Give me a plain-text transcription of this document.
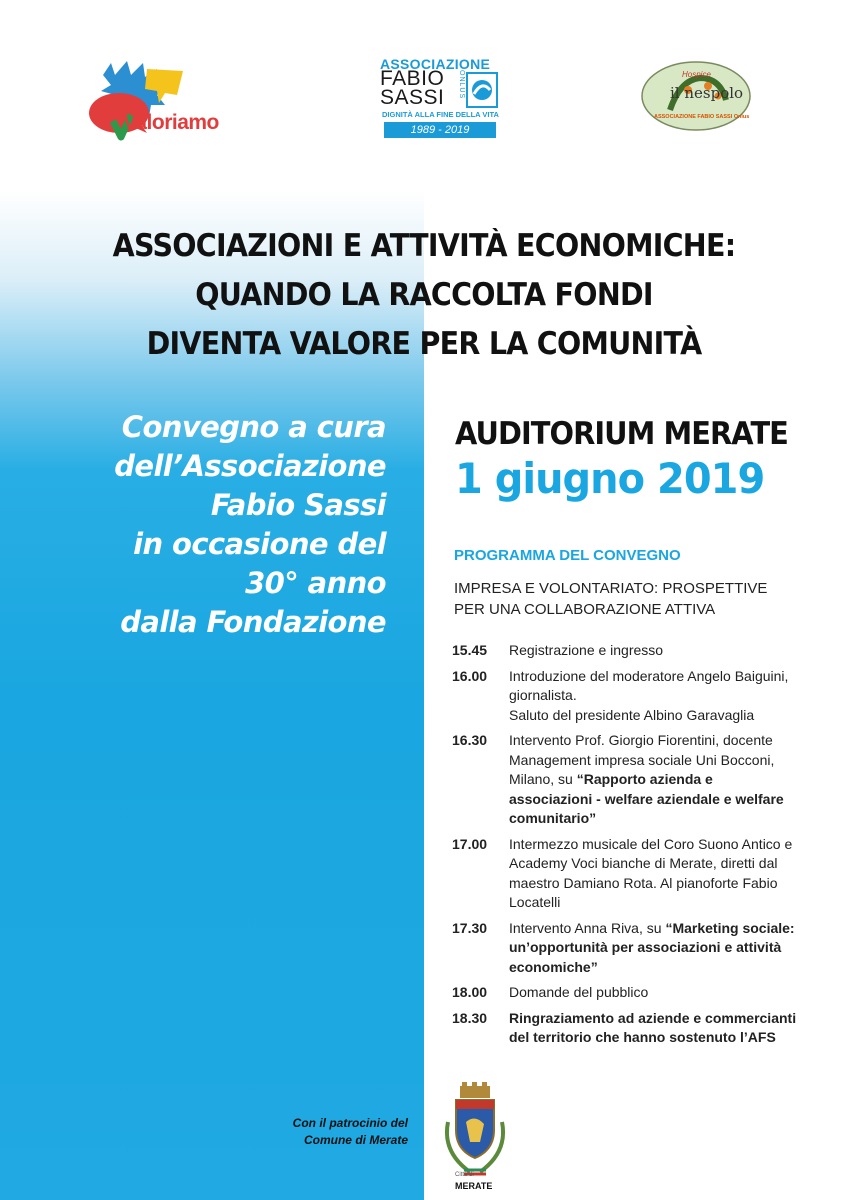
Valoriamo
ASSOCIAZIONE
FABIO
SASSI ONLUS
DIGNITÀ ALLA FINE DELLA VITA
1989 - 2019
Hospice
il nespolo
ASSOCIAZIONE FABIO SASSI Onlus
ASSOCIAZIONI E ATTIVITÀ ECONOMICHE:
QUANDO LA RACCOLTA FONDI
DIVENTA VALORE PER LA COMUNITÀ
Convegno a cura
dell’Associazione
Fabio Sassi
in occasione del
30° anno
dalla Fondazione
AUDITORIUM MERATE
1 giugno 2019
PROGRAMMA DEL CONVEGNO
IMPRESA E VOLONTARIATO: PROSPETTIVE
PER UNA COLLABORAZIONE ATTIVA
15.45	Registrazione e ingresso
16.00	Introduzione del moderatore Angelo Baiguini, giornalista.
Saluto del presidente Albino Garavaglia
16.30	Intervento Prof. Giorgio Fiorentini, docente Management impresa sociale Uni Bocconi, Milano, su “Rapporto azienda e associazioni - welfare aziendale e welfare comunitario”
17.00	Intermezzo musicale del Coro Suono Antico e Academy Voci bianche di Merate, diretti dal maestro Damiano Rota. Al pianoforte Fabio Locatelli
17.30	Intervento Anna Riva, su “Marketing sociale: un’opportunità per associazioni e attività economiche”
18.00	Domande del pubblico
18.30	Ringraziamento ad aziende e commercianti del territorio che hanno sostenuto l’AFS
Con il patrocinio del
Comune di Merate
Città di
MERATE
